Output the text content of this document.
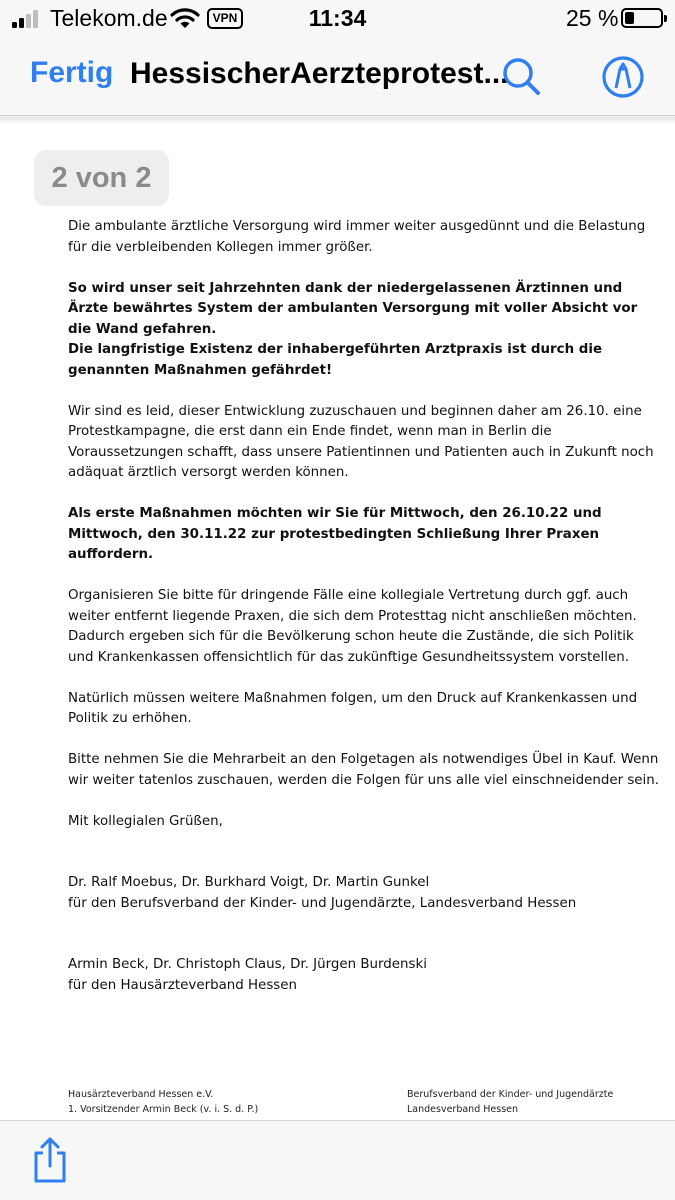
Telekom.de	VPN	11:34	25 %
Fertig HessischerAerzteprotest...
2 von 2

Die ambulante ärztliche Versorgung wird immer weiter ausgedünnt und die Belastung für die verbleibenden Kollegen immer größer.

So wird unser seit Jahrzehnten dank der niedergelassenen Ärztinnen und Ärzte bewährtes System der ambulanten Versorgung mit voller Absicht vor die Wand gefahren.

Die langfristige Existenz der inhabergeführten Arztpraxis ist durch die genannten Maßnahmen gefährdet!

Wir sind es leid, dieser Entwicklung zuzuschauen und beginnen daher am 26.10. eine Protestkampagne, die erst dann ein Ende findet, wenn man in Berlin die Voraussetzungen schafft, dass unsere Patientinnen und Patienten auch in Zukunft noch adäquat ärztlich versorgt werden können.

Als erste Maßnahmen möchten wir Sie für Mittwoch, den 26.10.22 und Mittwoch, den 30.11.22 zur protestbedingten Schließung Ihrer Praxen auffordern.

Organisieren Sie bitte für dringende Fälle eine kollegiale Vertretung durch ggf. auch weiter entfernt liegende Praxen, die sich dem Protesttag nicht anschließen möchten. Dadurch ergeben sich für die Bevölkerung schon heute die Zustände, die sich Politik und Krankenkassen offensichtlich für das zukünftige Gesundheitssystem vorstellen.

Natürlich müssen weitere Maßnahmen folgen, um den Druck auf Krankenkassen und Politik zu erhöhen.

Bitte nehmen Sie die Mehrarbeit an den Folgetagen als notwendiges Übel in Kauf. Wenn wir weiter tatenlos zuschauen, werden die Folgen für uns alle viel einschneidender sein.

Mit kollegialen Grüßen,

Dr. Ralf Moebus, Dr. Burkhard Voigt, Dr. Martin Gunkel

für den Berufsverband der Kinder- und Jugendärzte, Landesverband Hessen

Armin Beck, Dr. Christoph Claus, Dr. Jürgen Burdenski

für den Hausärzteverband Hessen

Hausärzteverband Hessen e.V.
1. Vorsitzender Armin Beck (v. i. S. d. P.)
Berufsverband der Kinder- und Jugendärzte
Landesverband Hessen
